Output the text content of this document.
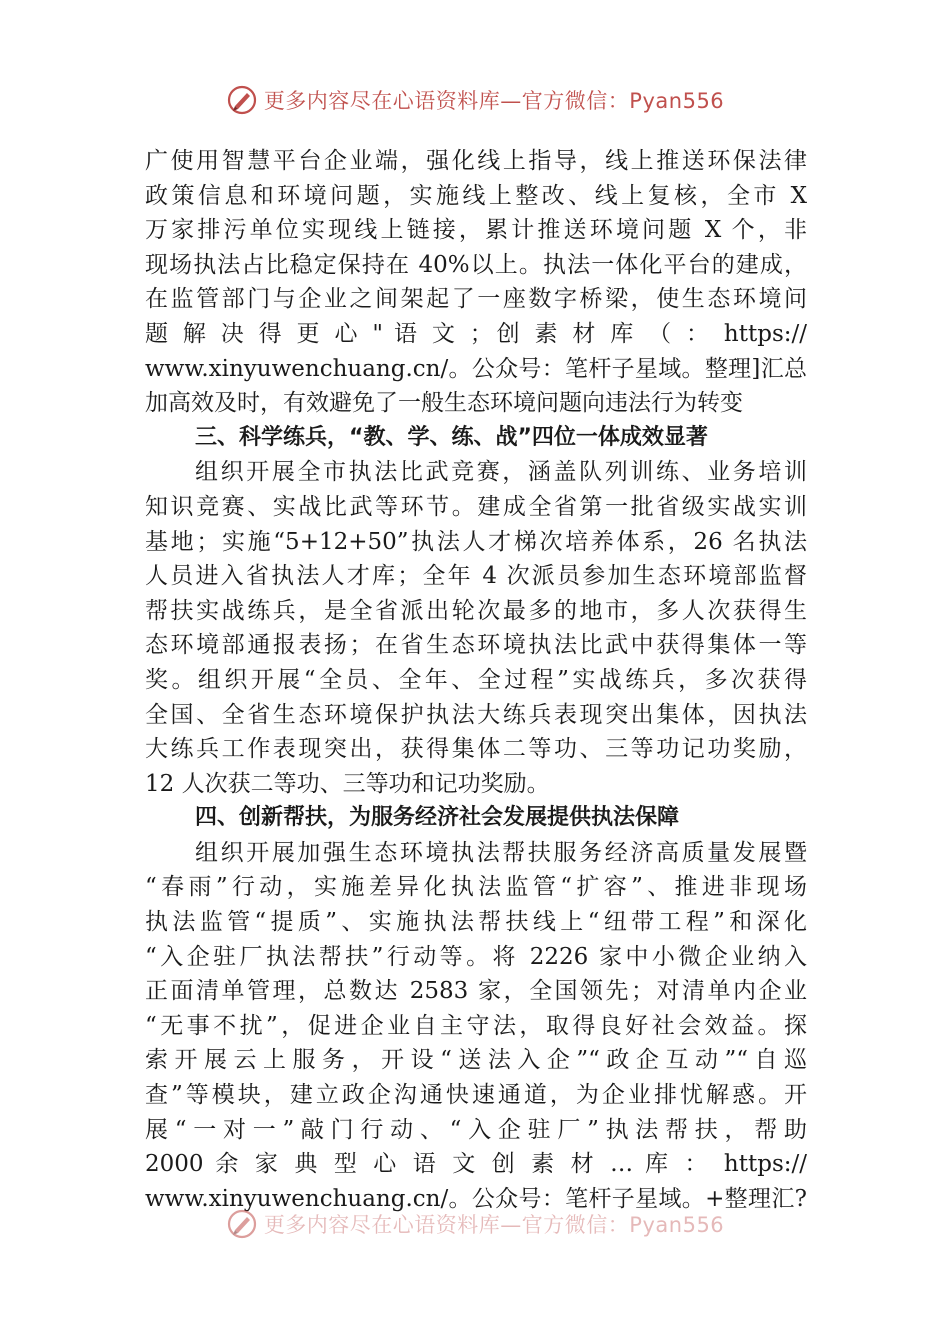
更多内容尽在心语资料库—官方微信：Pyan556
广使用智慧平台企业端，强化线上指导，线上推送环保法律
政策信息和环境问题，实施线上整改、线上复核，全市 X
万家排污单位实现线上链接，累计推送环境问题 X 个，非
现场执法占比稳定保持在 40%以上。执法一体化平台的建成，
在监管部门与企业之间架起了一座数字桥梁，使生态环境问
题 解 决 得 更 心 " 语 文 ；创 素 材 库 （ ： https://
www.xinyuwenchuang.cn/。公众号：笔杆子星域。整理]汇总
加高效及时，有效避免了一般生态环境问题向违法行为转变
三、科学练兵，“教、学、练、战”四位一体成效显著
组织开展全市执法比武竞赛，涵盖队列训练、业务培训
知识竞赛、实战比武等环节。建成全省第一批省级实战实训
基地；实施“5+12+50”执法人才梯次培养体系，26 名执法
人员进入省执法人才库；全年 4 次派员参加生态环境部监督
帮扶实战练兵，是全省派出轮次最多的地市，多人次获得生
态环境部通报表扬；在省生态环境执法比武中获得集体一等
奖。组织开展“全员、全年、全过程”实战练兵，多次获得
全国、全省生态环境保护执法大练兵表现突出集体，因执法
大练兵工作表现突出，获得集体二等功、三等功记功奖励，
12 人次获二等功、三等功和记功奖励。
四、创新帮扶，为服务经济社会发展提供执法保障
组织开展加强生态环境执法帮扶服务经济高质量发展暨
“春雨”行动，实施差异化执法监管“扩容”、推进非现场
执法监管“提质”、实施执法帮扶线上“纽带工程”和深化
“入企驻厂执法帮扶”行动等。将 2226 家中小微企业纳入
正面清单管理，总数达 2583 家，全国领先；对清单内企业
“无事不扰”，促进企业自主守法，取得良好社会效益。探
索开展云上服务，开设“送法入企”“政企互动”“自巡
查”等模块，建立政企沟通快速通道，为企业排忧解惑。开
展“一对一”敲门行动、“入企驻厂”执法帮扶，帮助
2000 余 家 典 型 心 语 文 创 素 材 … 库 ： https://
www.xinyuwenchuang.cn/。公众号：笔杆子星域。+整理汇?
更多内容尽在心语资料库—官方微信：Pyan556
